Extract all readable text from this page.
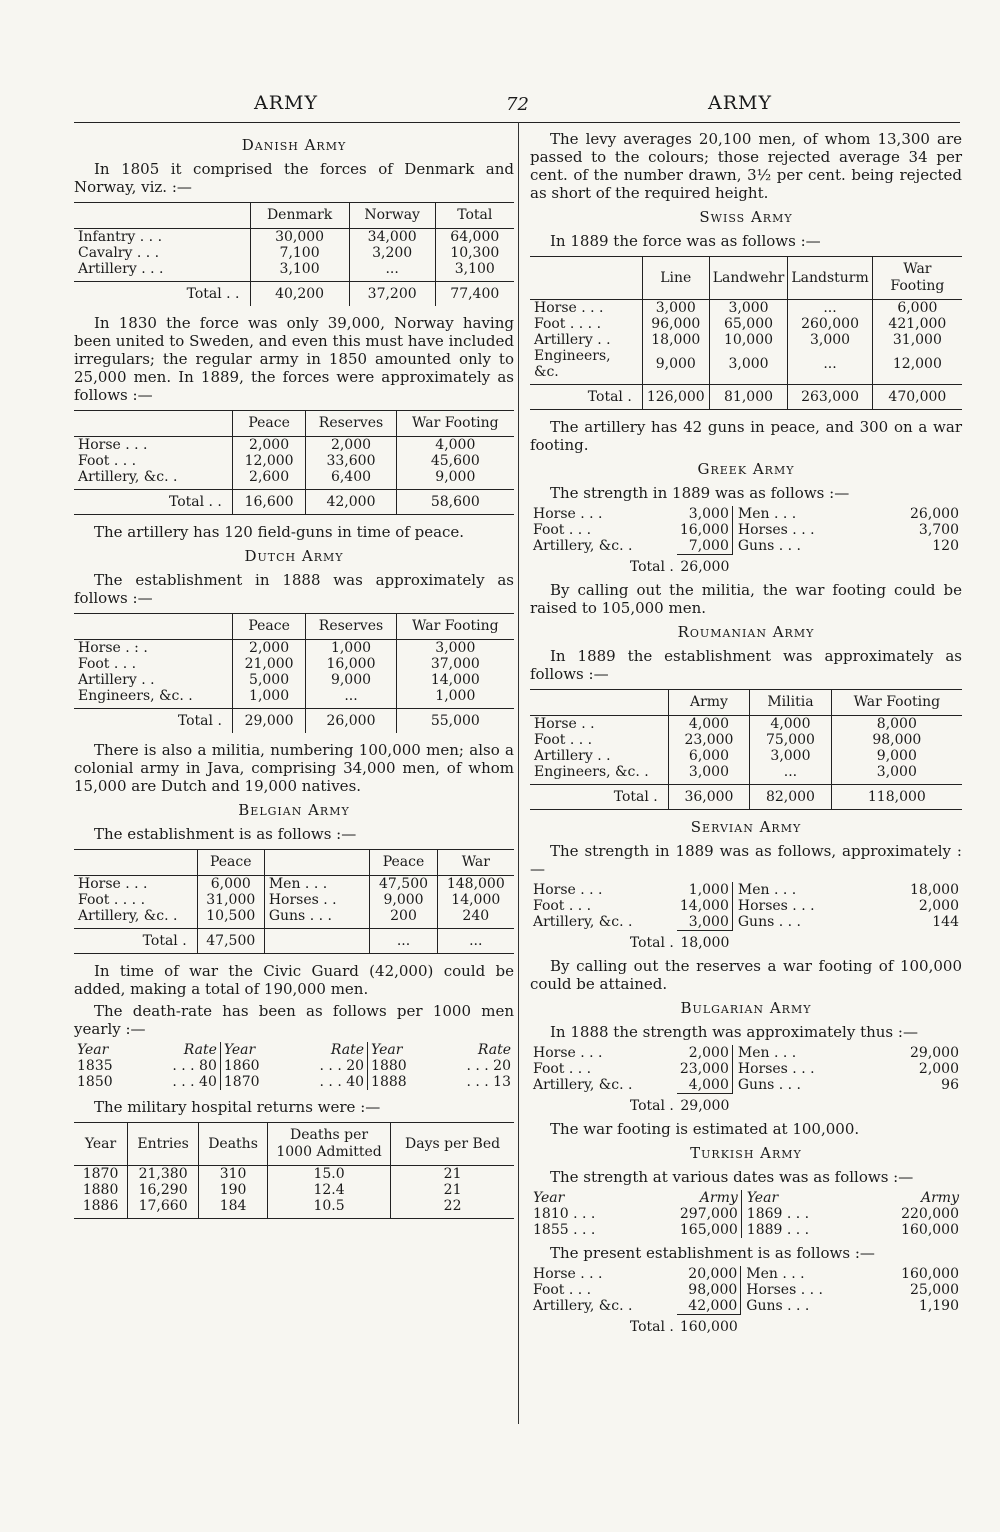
ARMY	72	ARMY
Danish Army

In 1805 it comprised the forces of Denmark and Norway, viz. :—

	Denmark	Norway	Total
Infantry . . .	30,000	34,000	64,000
Cavalry . . .	7,100	3,200	10,300
Artillery . . .	3,100	...	3,100
Total . .	40,200	37,200	77,400

In 1830 the force was only 39,000, Norway having been united to Sweden, and even this must have included irregulars; the regular army in 1850 amounted only to 25,000 men. In 1889, the forces were approximately as follows :—

	Peace	Reserves	War Footing
Horse . . .	2,000	2,000	4,000
Foot . . .	12,000	33,600	45,600
Artillery, &c. .	2,600	6,400	9,000
Total . .	16,600	42,000	58,600

The artillery has 120 field-guns in time of peace.

Dutch Army

The establishment in 1888 was approximately as follows :—

	Peace	Reserves	War Footing
Horse . : .	2,000	1,000	3,000
Foot . . .	21,000	16,000	37,000
Artillery . .	5,000	9,000	14,000
Engineers, &c. .	1,000	...	1,000
Total .	29,000	26,000	55,000

There is also a militia, numbering 100,000 men; also a colonial army in Java, comprising 34,000 men, of whom 15,000 are Dutch and 19,000 natives.

Belgian Army

The establishment is as follows :—

	Peace		Peace	War
Horse . . .	6,000	Men . . .	47,500	148,000
Foot . . . .	31,000	Horses . .	9,000	14,000
Artillery, &c. .	10,500	Guns . . .	200	240
Total .	47,500		...	...

In time of war the Civic Guard (42,000) could be added, making a total of 190,000 men.

The death-rate has been as follows per 1000 men yearly :—

Year	Rate	Year	Rate	Year	Rate
1835	. . . 80	1860	. . . 20	1880	. . . 20
1850	. . . 40	1870	. . . 40	1888	. . . 13

The military hospital returns were :—

Year	Entries	Deaths	Deaths per 1000 Admitted	Days per Bed
1870	21,380	310	15.0	21
1880	16,290	190	12.4	21
1886	17,660	184	10.5	22

The levy averages 20,100 men, of whom 13,300 are passed to the colours; those rejected average 34 per cent. of the number drawn, 3½ per cent. being rejected as short of the required height.

Swiss Army

In 1889 the force was as follows :—

	Line	Landwehr	Landsturm	War Footing
Horse . . .	3,000	3,000	...	6,000
Foot . . . .	96,000	65,000	260,000	421,000
Artillery . .	18,000	10,000	3,000	31,000
Engineers, &c.	9,000	3,000	...	12,000
Total .	126,000	81,000	263,000	470,000

The artillery has 42 guns in peace, and 300 on a war footing.

Greek Army

The strength in 1889 was as follows :—

Horse . . .	3,000	Men . . .	26,000
Foot . . .	16,000	Horses . . .	3,700
Artillery, &c. .	7,000	Guns . . .	120
Total .	26,000		

By calling out the militia, the war footing could be raised to 105,000 men.

Roumanian Army

In 1889 the establishment was approximately as follows :—

	Army	Militia	War Footing
Horse . .	4,000	4,000	8,000
Foot . . .	23,000	75,000	98,000
Artillery . .	6,000	3,000	9,000
Engineers, &c. .	3,000	...	3,000
Total .	36,000	82,000	118,000
Servian Army

The strength in 1889 was as follows, approximately :—

Horse . . .	1,000	Men . . .	18,000
Foot . . .	14,000	Horses . . .	2,000
Artillery, &c. .	3,000	Guns . . .	144
Total .	18,000		

By calling out the reserves a war footing of 100,000 could be attained.

Bulgarian Army

In 1888 the strength was approximately thus :—

Horse . . .	2,000	Men . . .	29,000
Foot . . .	23,000	Horses . . .	2,000
Artillery, &c. .	4,000	Guns . . .	96
Total .	29,000		

The war footing is estimated at 100,000.

Turkish Army

The strength at various dates was as follows :—

Year	Army	Year	Army
1810 . . .	297,000	1869 . . .	220,000
1855 . . .	165,000	1889 . . .	160,000

The present establishment is as follows :—

Horse . . .	20,000	Men . . .	160,000
Foot . . .	98,000	Horses . . .	25,000
Artillery, &c. .	42,000	Guns . . .	1,190
Total .	160,000		
